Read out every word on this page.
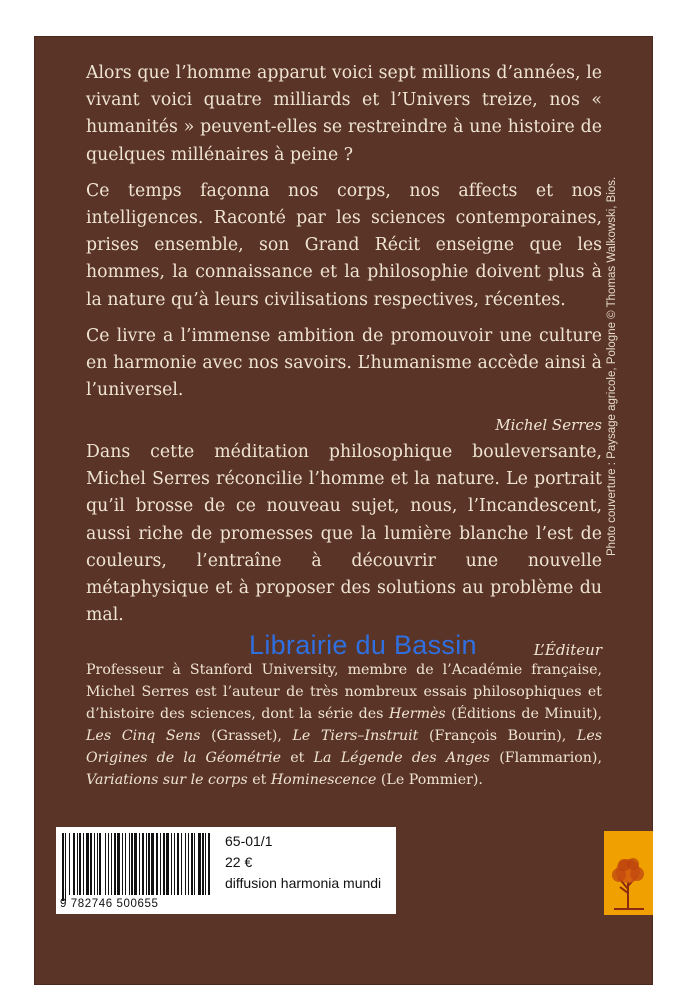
Alors que l’homme apparut voici sept millions d’années, le vivant voici quatre milliards et l’Univers treize, nos « humanités » peuvent-elles se restreindre à une histoire de quelques millénaires à peine ?

Ce temps façonna nos corps, nos affects et nos intelligences. Raconté par les sciences contemporaines, prises ensemble, son Grand Récit enseigne que les hommes, la connaissance et la philosophie doivent plus à la nature qu’à leurs civilisations respectives, récentes.

Ce livre a l’immense ambition de promouvoir une culture en harmonie avec nos savoirs. L’humanisme accède ainsi à l’universel.

Michel Serres

Dans cette méditation philosophique bouleversante, Michel Serres réconcilie l’homme et la nature. Le portrait qu’il brosse de ce nouveau sujet, nous, l’Incandescent, aussi riche de promesses que la lumière blanche l’est de couleurs, l’entraîne à découvrir une nouvelle métaphysique et à proposer des solutions au problème du mal.

L’Éditeur

Professeur à Stanford University, membre de l’Académie française, Michel Serres est l’auteur de très nombreux essais philosophiques et d’histoire des sciences, dont la série des Hermès (Éditions de Minuit), Les Cinq Sens (Grasset), Le Tiers–Instruit (François Bourin), Les Origines de la Géométrie et La Légende des Anges (Flammarion), Variations sur le corps et Hominescence (Le Pommier).

Librairie du Bassin
Photo couverture : Paysage agricole, Pologne © Thomas Walkowski, Bios.
9 782746 500655
65-01/1
22 €
diffusion harmonia mundi
